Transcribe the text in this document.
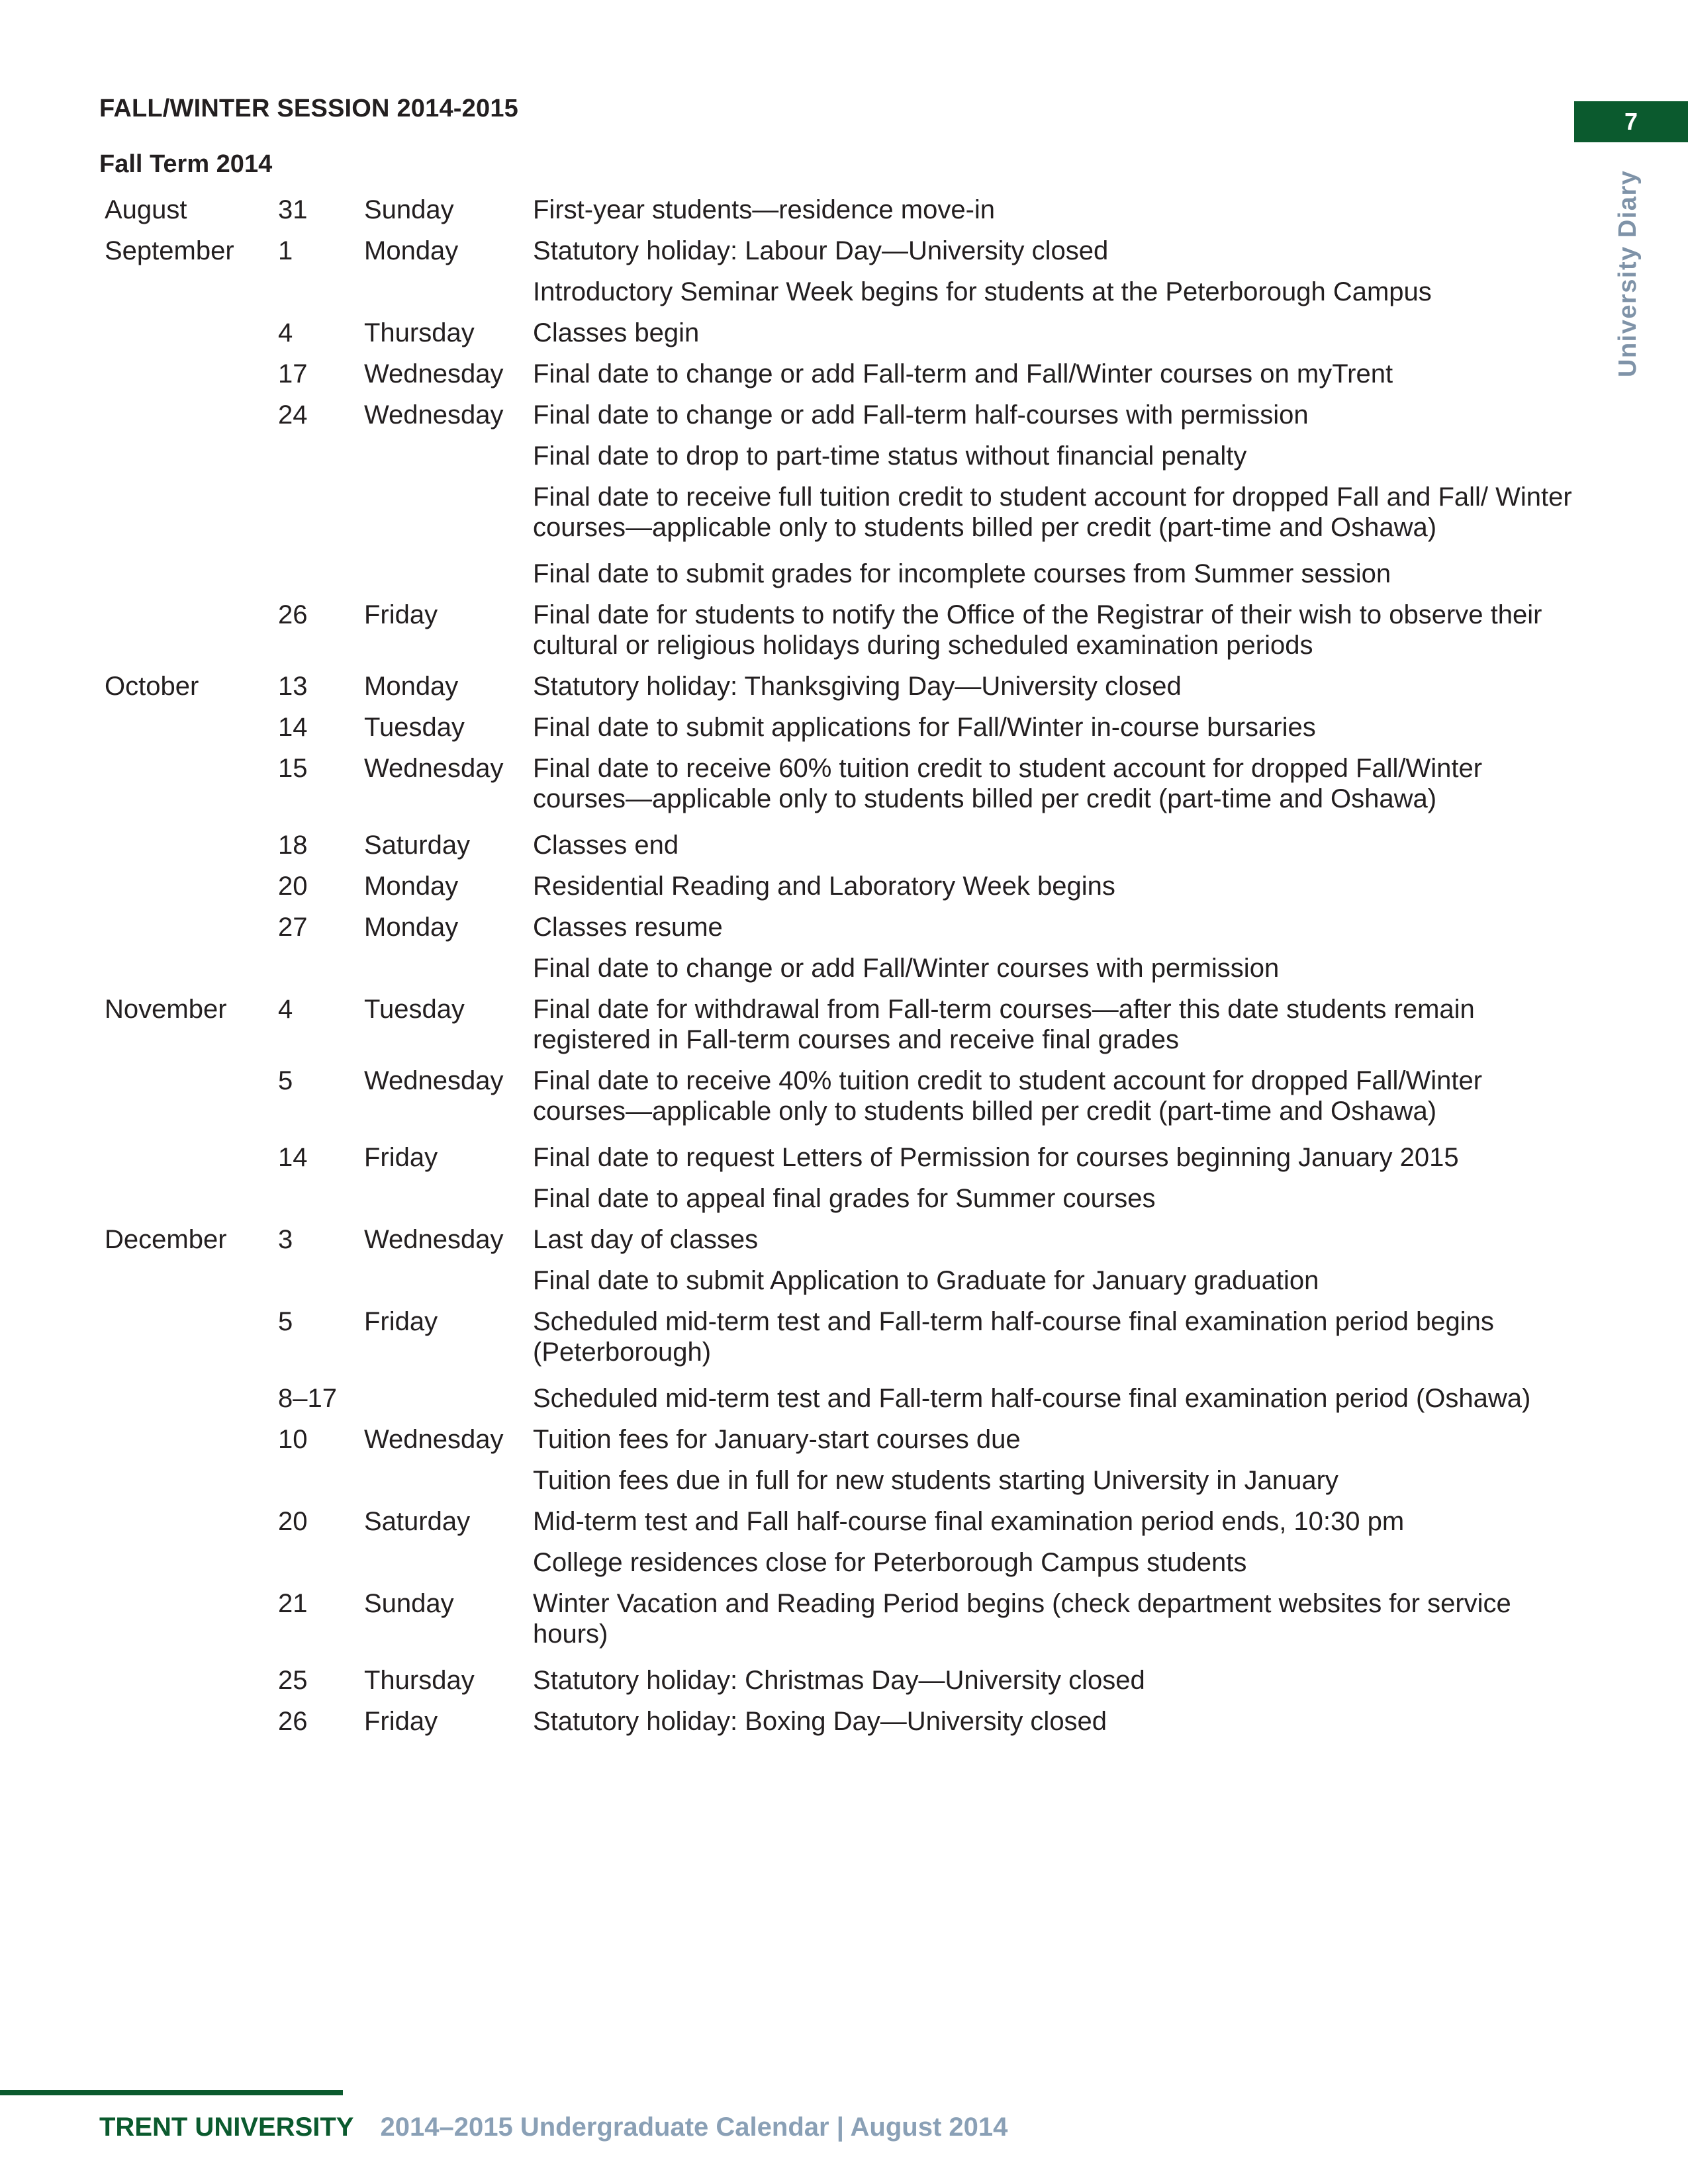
FALL/WINTER SESSION 2014-2015
Fall Term 2014
7
University Diary
August	31	Sunday	First-year students—residence move-in
September	1	Monday	Statutory holiday: Labour Day—University closed
Introductory Seminar Week begins for students at the Peterborough Campus
4	Thursday	Classes begin
17	Wednesday	Final date to change or add Fall-term and Fall/Winter courses on myTrent
24	Wednesday	Final date to change or add Fall-term half-courses with permission
Final date to drop to part-time status without financial penalty
Final date to receive full tuition credit to student account for dropped Fall and Fall/ Winter courses—applicable only to students billed per credit (part-time and Oshawa)
Final date to submit grades for incomplete courses from Summer session
26	Friday	Final date for students to notify the Office of the Registrar of their wish to observe their cultural or religious holidays during scheduled examination periods
October	13	Monday	Statutory holiday: Thanksgiving Day—University closed
14	Tuesday	Final date to submit applications for Fall/Winter in-course bursaries
15	Wednesday	Final date to receive 60% tuition credit to student account for dropped Fall/Winter courses—applicable only to students billed per credit (part-time and Oshawa)
18	Saturday	Classes end
20	Monday	Residential Reading and Laboratory Week begins
27	Monday	Classes resume
Final date to change or add Fall/Winter courses with permission
November	4	Tuesday	Final date for withdrawal from Fall-term courses—after this date students remain registered in Fall-term courses and receive final grades
5	Wednesday	Final date to receive 40% tuition credit to student account for dropped Fall/Winter courses—applicable only to students billed per credit (part-time and Oshawa)
14	Friday	Final date to request Letters of Permission for courses beginning January 2015
Final date to appeal final grades for Summer courses
December	3	Wednesday	Last day of classes
Final date to submit Application to Graduate for January graduation
5	Friday	Scheduled mid-term test and Fall-term half-course final examination period begins (Peterborough)
8–17	Scheduled mid-term test and Fall-term half-course final examination period (Oshawa)
10	Wednesday	Tuition fees for January-start courses due
Tuition fees due in full for new students starting University in January
20	Saturday	Mid-term test and Fall half-course final examination period ends, 10:30 pm
College residences close for Peterborough Campus students
21	Sunday	Winter Vacation and Reading Period begins (check department websites for service hours)
25	Thursday	Statutory holiday: Christmas Day—University closed
26	Friday	Statutory holiday: Boxing Day—University closed
TRENT UNIVERSITY 2014–2015 Undergraduate Calendar | August 2014
